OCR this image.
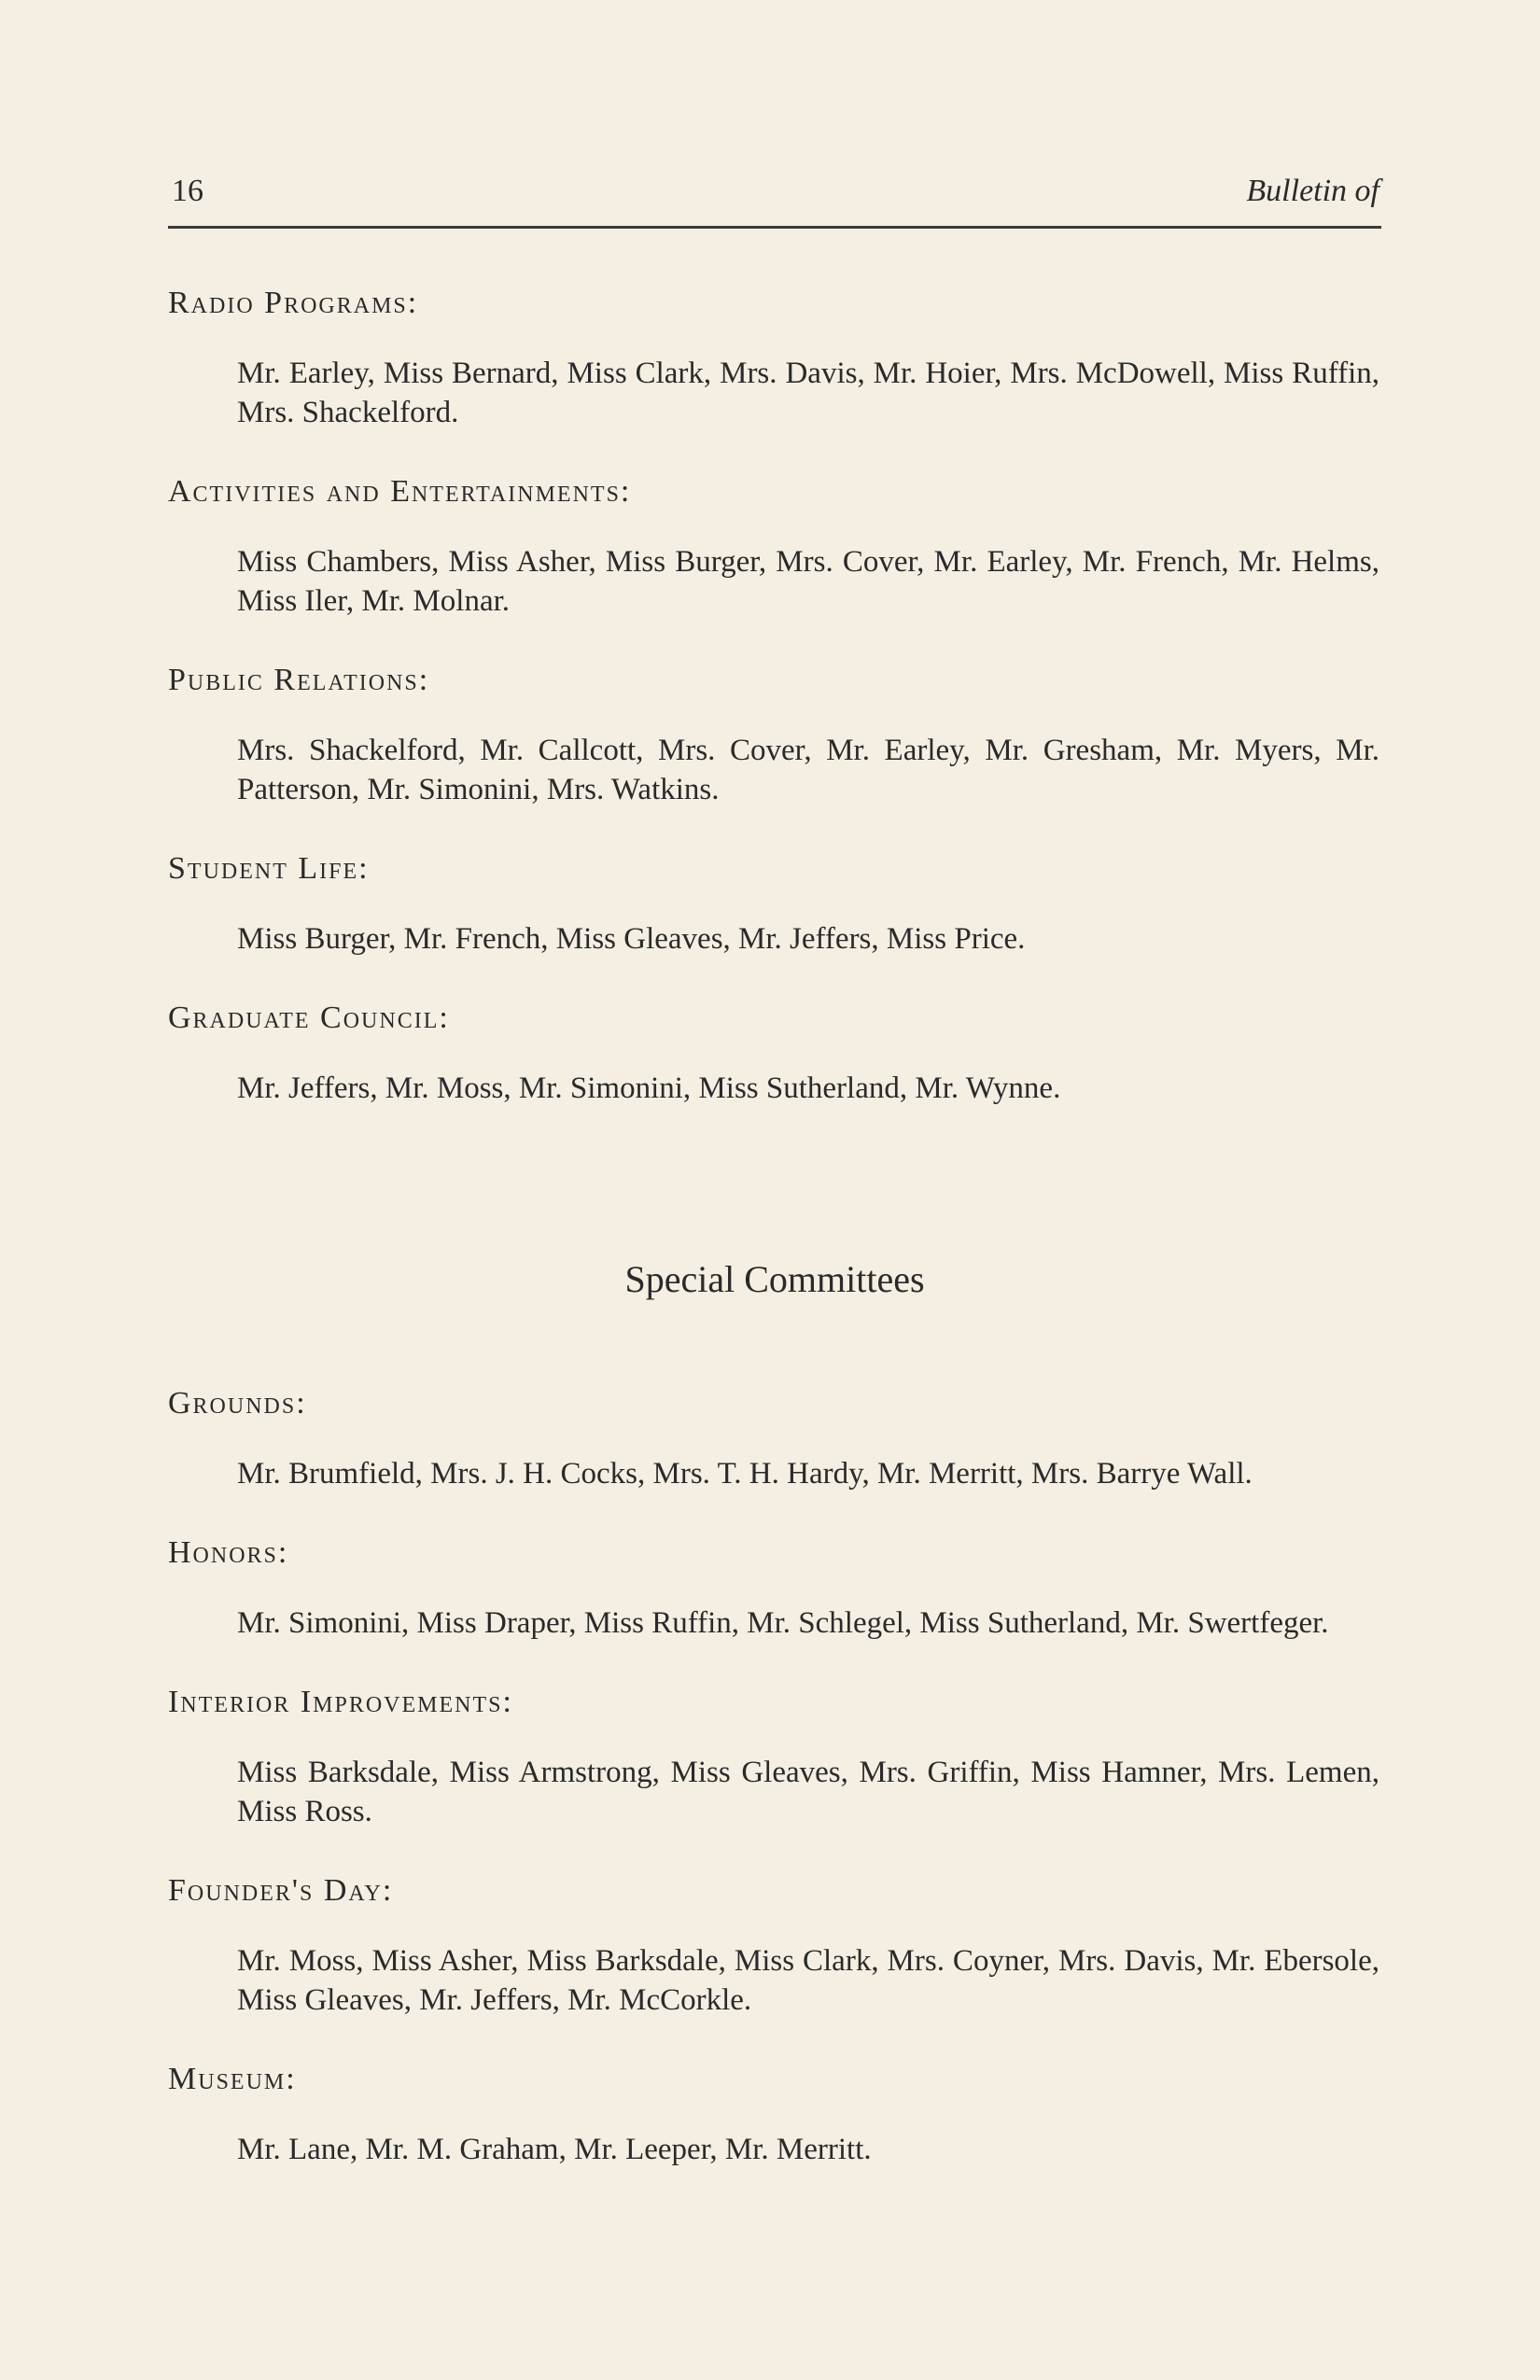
16	Bulletin of
Radio Programs:
Mr. Earley, Miss Bernard, Miss Clark, Mrs. Davis, Mr. Hoier, Mrs. McDowell, Miss Ruffin, Mrs. Shackelford.
Activities and Entertainments:
Miss Chambers, Miss Asher, Miss Burger, Mrs. Cover, Mr. Earley, Mr. French, Mr. Helms, Miss Iler, Mr. Molnar.
Public Relations:
Mrs. Shackelford, Mr. Callcott, Mrs. Cover, Mr. Earley, Mr. Gresham, Mr. Myers, Mr. Patterson, Mr. Simonini, Mrs. Watkins.
Student Life:
Miss Burger, Mr. French, Miss Gleaves, Mr. Jeffers, Miss Price.
Graduate Council:
Mr. Jeffers, Mr. Moss, Mr. Simonini, Miss Sutherland, Mr. Wynne.
Special Committees
Grounds:
Mr. Brumfield, Mrs. J. H. Cocks, Mrs. T. H. Hardy, Mr. Merritt, Mrs. Barrye Wall.
Honors:
Mr. Simonini, Miss Draper, Miss Ruffin, Mr. Schlegel, Miss Sutherland, Mr. Swertfeger.
Interior Improvements:
Miss Barksdale, Miss Armstrong, Miss Gleaves, Mrs. Griffin, Miss Hamner, Mrs. Lemen, Miss Ross.
Founder's Day:
Mr. Moss, Miss Asher, Miss Barksdale, Miss Clark, Mrs. Coyner, Mrs. Davis, Mr. Ebersole, Miss Gleaves, Mr. Jeffers, Mr. McCorkle.
Museum:
Mr. Lane, Mr. M. Graham, Mr. Leeper, Mr. Merritt.
